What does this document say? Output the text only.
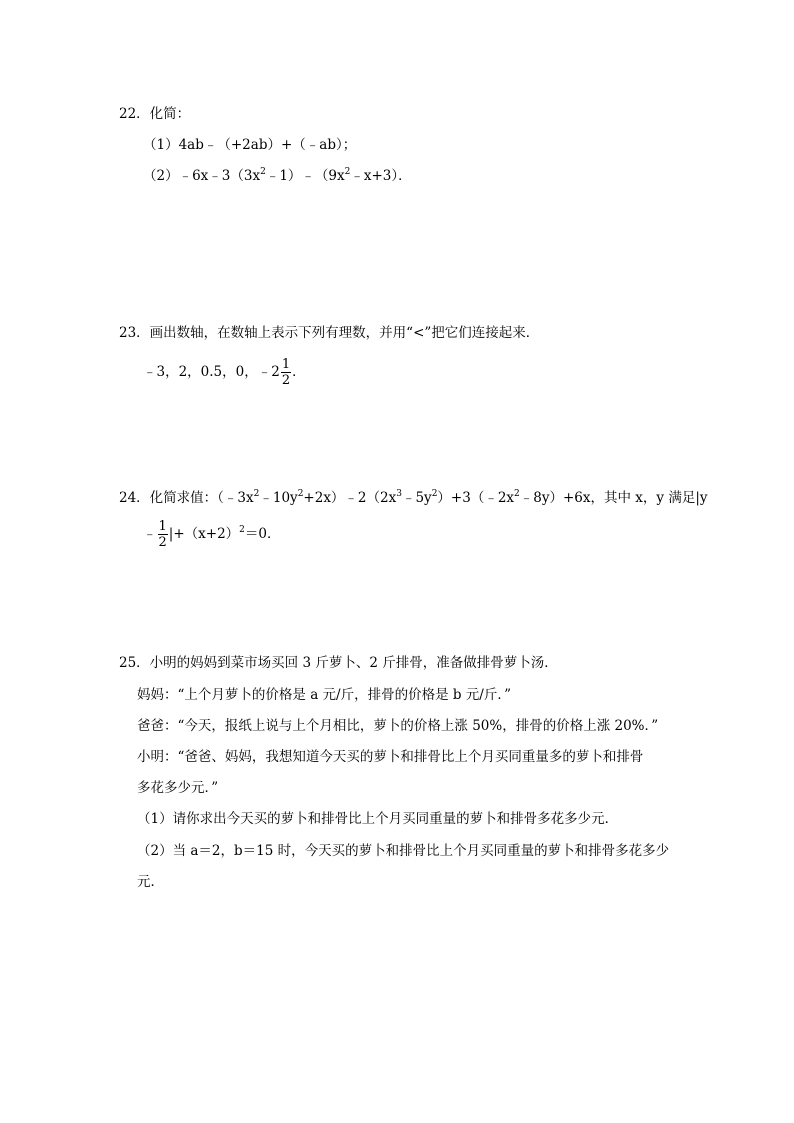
22．化简：
（1）4ab﹣（+2ab）+（﹣ab）；
$(2)﹣6x﹣3(3x^2﹣1)﹣(9x^2﹣x+3)$．
23．画出数轴，在数轴上表示下列有理数，并用“<”把它们连接起来．
﹣3，2，0.5，0，﹣2 $\frac{1}{2}$ ．
24．化简求值：$(﹣3x^2﹣10y^2+2x)﹣2(2x^3﹣5y^2)+3(﹣2x^2﹣8y)+6x$，其中 x，y 满足|y
﹣ $\frac{1}{2} |+(x+2)^2=0$．
25．小明的妈妈到菜市场买回 3 斤萝卜、2 斤排骨，准备做排骨萝卜汤．
妈妈：“上个月萝卜的价格是 a 元/斤，排骨的价格是 b 元/斤．”
爸爸：“今天，报纸上说与上个月相比，萝卜的价格上涨 50%，排骨的价格上涨 20%．”
小明：“爸爸、妈妈，我想知道今天买的萝卜和排骨比上个月买同重量多的萝卜和排骨
多花多少元．”
（1）请你求出今天买的萝卜和排骨比上个月买同重量的萝卜和排骨多花多少元．
（2）当 a＝2，b＝15 时，今天买的萝卜和排骨比上个月买同重量的萝卜和排骨多花多少
元．
